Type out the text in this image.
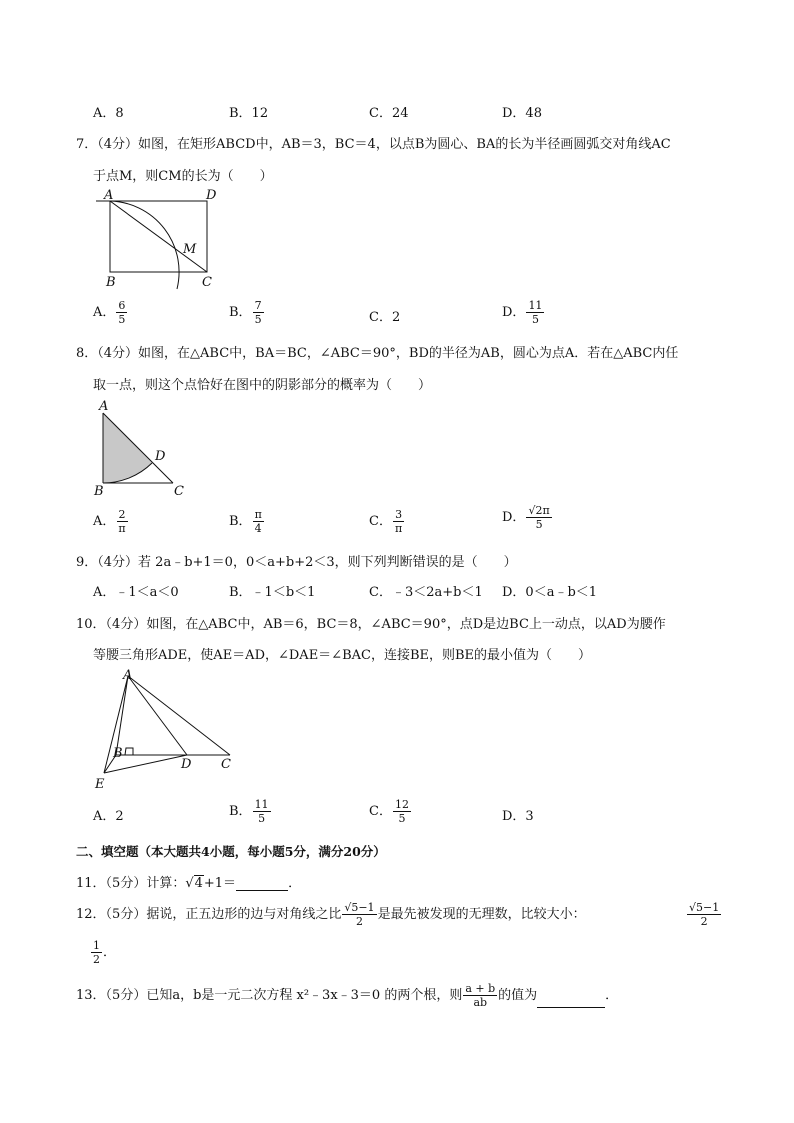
A．8	B．12	C．24	D．48
7．（4分）如图，在矩形ABCD中，AB＝3，BC＝4，以点B为圆心、BA的长为半径画圆弧交对角线AC
于点M，则CM的长为（　　）
A	D
M
B	C
A． $\frac{6}{5}$	B． $\frac{7}{5}$	C．2	D． $\frac{11}{5}$
8．（4分）如图，在△ABC中，BA＝BC，∠ABC＝90°，BD的半径为AB，圆心为点A．若在△ABC内任
取一点，则这个点恰好在图中的阴影部分的概率为（　　）
A
D
B	C
A． $\frac{2}{\pi}$	B． $\frac{\pi}{4}$	C． $\frac{3}{\pi}$	D． $\frac{√2\pi}{5}$
9．（4分）若 2a﹣b+1＝0，0＜a+b+2＜3，则下列判断错误的是（　　）
A．﹣1＜a＜0	B．﹣1＜b＜1	C．﹣3＜2a+b＜1 D．0＜a﹣b＜1
10．（4分）如图，在△ABC中，AB＝6，BC＝8，∠ABC＝90°，点D是边BC上一动点，以AD为腰作
等腰三角形ADE，使AE＝AD，∠DAE＝∠BAC，连接BE，则BE的最小值为（　　）
A
B
D C
E
A．2	B． $\frac{11}{5}$	C． $\frac{12}{5}$	D．3
二、填空题（本大题共4小题，每小题5分，满分20分）
11．（5分）计算：√4+1＝	．
12．（5分）据说，正五边形的边与对角线之比 $\frac{√5-1}{2}$ 是最先被发现的无理数，比较大小：	$\frac{√5-1}{2}$
$\frac{1}{2}$ ．
13．（5分）已知a，b是一元二次方程 x²﹣3x﹣3＝0 的两个根，则 $\frac{a + b}{ab}$ 的值为	．
